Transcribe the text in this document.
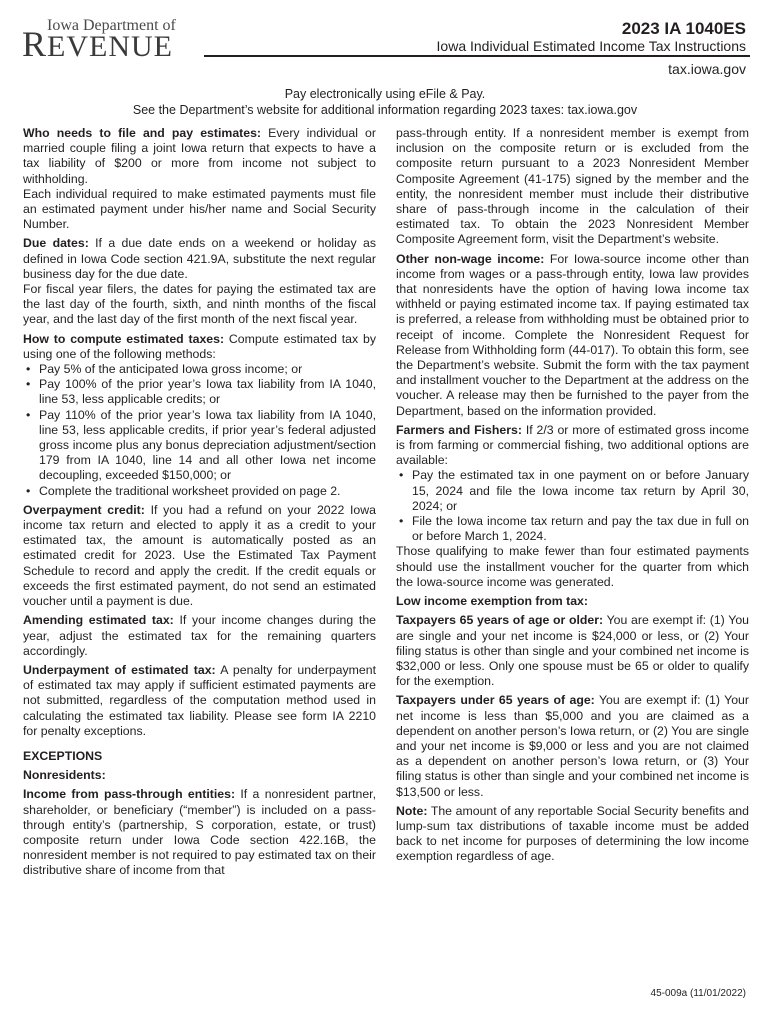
Iowa Department of
REVENUE
2023 IA 1040ES
Iowa Individual Estimated Income Tax Instructions
tax.iowa.gov
Pay electronically using eFile & Pay.
See the Department’s website for additional information regarding 2023 taxes: tax.iowa.gov

Who needs to file and pay estimates: Every individual or married couple filing a joint Iowa return that expects to have a tax liability of $200 or more from income not subject to withholding.

Each individual required to make estimated payments must file an estimated payment under his/her name and Social Security Number.

Due dates: If a due date ends on a weekend or holiday as defined in Iowa Code section 421.9A, substitute the next regular business day for the due date.

For fiscal year filers, the dates for paying the estimated tax are the last day of the fourth, sixth, and ninth months of the fiscal year, and the last day of the first month of the next fiscal year.

How to compute estimated taxes: Compute estimated tax by using one of the following methods:

• Pay 5% of the anticipated Iowa gross income; or
• Pay 100% of the prior year’s Iowa tax liability from IA 1040, line 53, less applicable credits; or
• Pay 110% of the prior year’s Iowa tax liability from IA 1040, line 53, less applicable credits, if prior year’s federal adjusted gross income plus any bonus depreciation adjustment/section 179 from IA 1040, line 14 and all other Iowa net income decoupling, exceeded $150,000; or
• Complete the traditional worksheet provided on page 2.

Overpayment credit: If you had a refund on your 2022 Iowa income tax return and elected to apply it as a credit to your estimated tax, the amount is automatically posted as an estimated credit for 2023. Use the Estimated Tax Payment Schedule to record and apply the credit. If the credit equals or exceeds the first estimated payment, do not send an estimated voucher until a payment is due.

Amending estimated tax: If your income changes during the year, adjust the estimated tax for the remaining quarters accordingly.

Underpayment of estimated tax: A penalty for underpayment of estimated tax may apply if sufficient estimated payments are not submitted, regardless of the computation method used in calculating the estimated tax liability. Please see form IA 2210 for penalty exceptions.

EXCEPTIONS

Nonresidents:

Income from pass-through entities: If a nonresident partner, shareholder, or beneficiary (“member”) is included on a pass-through entity’s (partnership, S corporation, estate, or trust) composite return under Iowa Code section 422.16B, the nonresident member is not required to pay estimated tax on their distributive share of income from that

pass-through entity. If a nonresident member is exempt from inclusion on the composite return or is excluded from the composite return pursuant to a 2023 Nonresident Member Composite Agreement (41-175) signed by the member and the entity, the nonresident member must include their distributive share of pass-through income in the calculation of their estimated tax. To obtain the 2023 Nonresident Member Composite Agreement form, visit the Department’s website.

Other non-wage income: For Iowa-source income other than income from wages or a pass-through entity, Iowa law provides that nonresidents have the option of having Iowa income tax withheld or paying estimated income tax. If paying estimated tax is preferred, a release from withholding must be obtained prior to receipt of income. Complete the Nonresident Request for Release from Withholding form (44-017). To obtain this form, see the Department’s website. Submit the form with the tax payment and installment voucher to the Department at the address on the voucher. A release may then be furnished to the payer from the Department, based on the information provided.

Farmers and Fishers: If 2/3 or more of estimated gross income is from farming or commercial fishing, two additional options are available:

• Pay the estimated tax in one payment on or before January 15, 2024 and file the Iowa income tax return by April 30, 2024; or
• File the Iowa income tax return and pay the tax due in full on or before March 1, 2024.

Those qualifying to make fewer than four estimated payments should use the installment voucher for the quarter from which the Iowa-source income was generated.

Low income exemption from tax:

Taxpayers 65 years of age or older: You are exempt if: (1) You are single and your net income is $24,000 or less, or (2) Your filing status is other than single and your combined net income is $32,000 or less. Only one spouse must be 65 or older to qualify for the exemption.

Taxpayers under 65 years of age: You are exempt if: (1) Your net income is less than $5,000 and you are claimed as a dependent on another person’s Iowa return, or (2) You are single and your net income is $9,000 or less and you are not claimed as a dependent on another person’s Iowa return, or (3) Your filing status is other than single and your combined net income is $13,500 or less.

Note: The amount of any reportable Social Security benefits and lump-sum tax distributions of taxable income must be added back to net income for purposes of determining the low income exemption regardless of age.

45-009a (11/01/2022)
